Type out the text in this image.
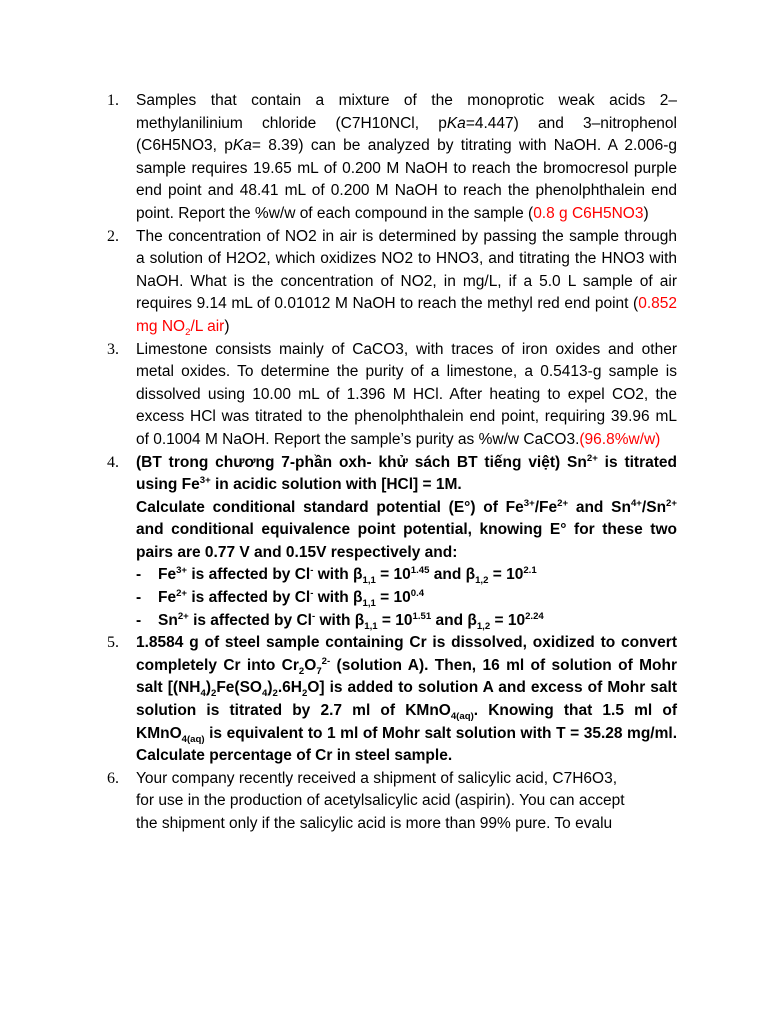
1. Samples that contain a mixture of the monoprotic weak acids 2–methylanilinium chloride (C7H10NCl, pKa=4.447) and 3–nitrophenol (C6H5NO3, pKa= 8.39) can be analyzed by titrating with NaOH. A 2.006-g sample requires 19.65 mL of 0.200 M NaOH to reach the bromocresol purple end point and 48.41 mL of 0.200 M NaOH to reach the phenolphthalein end point. Report the %w/w of each compound in the sample (0.8 g C6H5NO3)
2. The concentration of NO2 in air is determined by passing the sample through a solution of H2O2, which oxidizes NO2 to HNO3, and titrating the HNO3 with NaOH. What is the concentration of NO2, in mg/L, if a 5.0 L sample of air requires 9.14 mL of 0.01012 M NaOH to reach the methyl red end point (0.852 mg $NO_2/L$ air)
3. Limestone consists mainly of CaCO3, with traces of iron oxides and other metal oxides. To determine the purity of a limestone, a 0.5413-g sample is dissolved using 10.00 mL of 1.396 M HCl. After heating to expel CO2, the excess HCl was titrated to the phenolphthalein end point, requiring 39.96 mL of 0.1004 M NaOH. Report the sample’s purity as %w/w CaCO3.(96.8%w/w)
4. (BT trong chương 7-phần oxh- khử sách BT tiếng việt) $Sn^{2+}$ is titrated using $Fe^{3+}$ in acidic solution with [HCl] = 1M.
Calculate conditional standard potential (E°) of $Fe^{3+}/Fe^{2+}$ and $Sn^{4+}/Sn^{2+}$ and conditional equivalence point potential, knowing E° for these two pairs are 0.77 V and 0.15V respectively and:
- $Fe^{3+}$ is affected by Cl- with $\beta_{1,1} = 10^{1.45}$ and $\beta_{1,2} = 10^{2.1}$
- $Fe^{2+}$ is affected by Cl- with $\beta_{1,1} = 10^{0.4}$
- $Sn^{2+}$ is affected by Cl- with $\beta_{1,1} = 10^{1.51}$ and $\beta_{1,2} = 10^{2.24}$
5. 1.8584 g of steel sample containing Cr is dissolved, oxidized to convert completely Cr into $Cr_2O_7^{2-}$ (solution A). Then, 16 ml of solution of Mohr salt $[(NH_4)_2Fe(SO_4)_2.6H_2O]$ is added to solution A and excess of Mohr salt solution is titrated by 2.7 ml of KMnO$_{4(aq)}$. Knowing that 1.5 ml of KMnO$_{4(aq)}$ is equivalent to 1 ml of Mohr salt solution with T = 35.28 mg/ml. Calculate percentage of Cr in steel sample.
6. Your company recently received a shipment of salicylic acid, C7H6O3,
for use in the production of acetylsalicylic acid (aspirin). You can accept
the shipment only if the salicylic acid is more than 99% pure. To evalu
